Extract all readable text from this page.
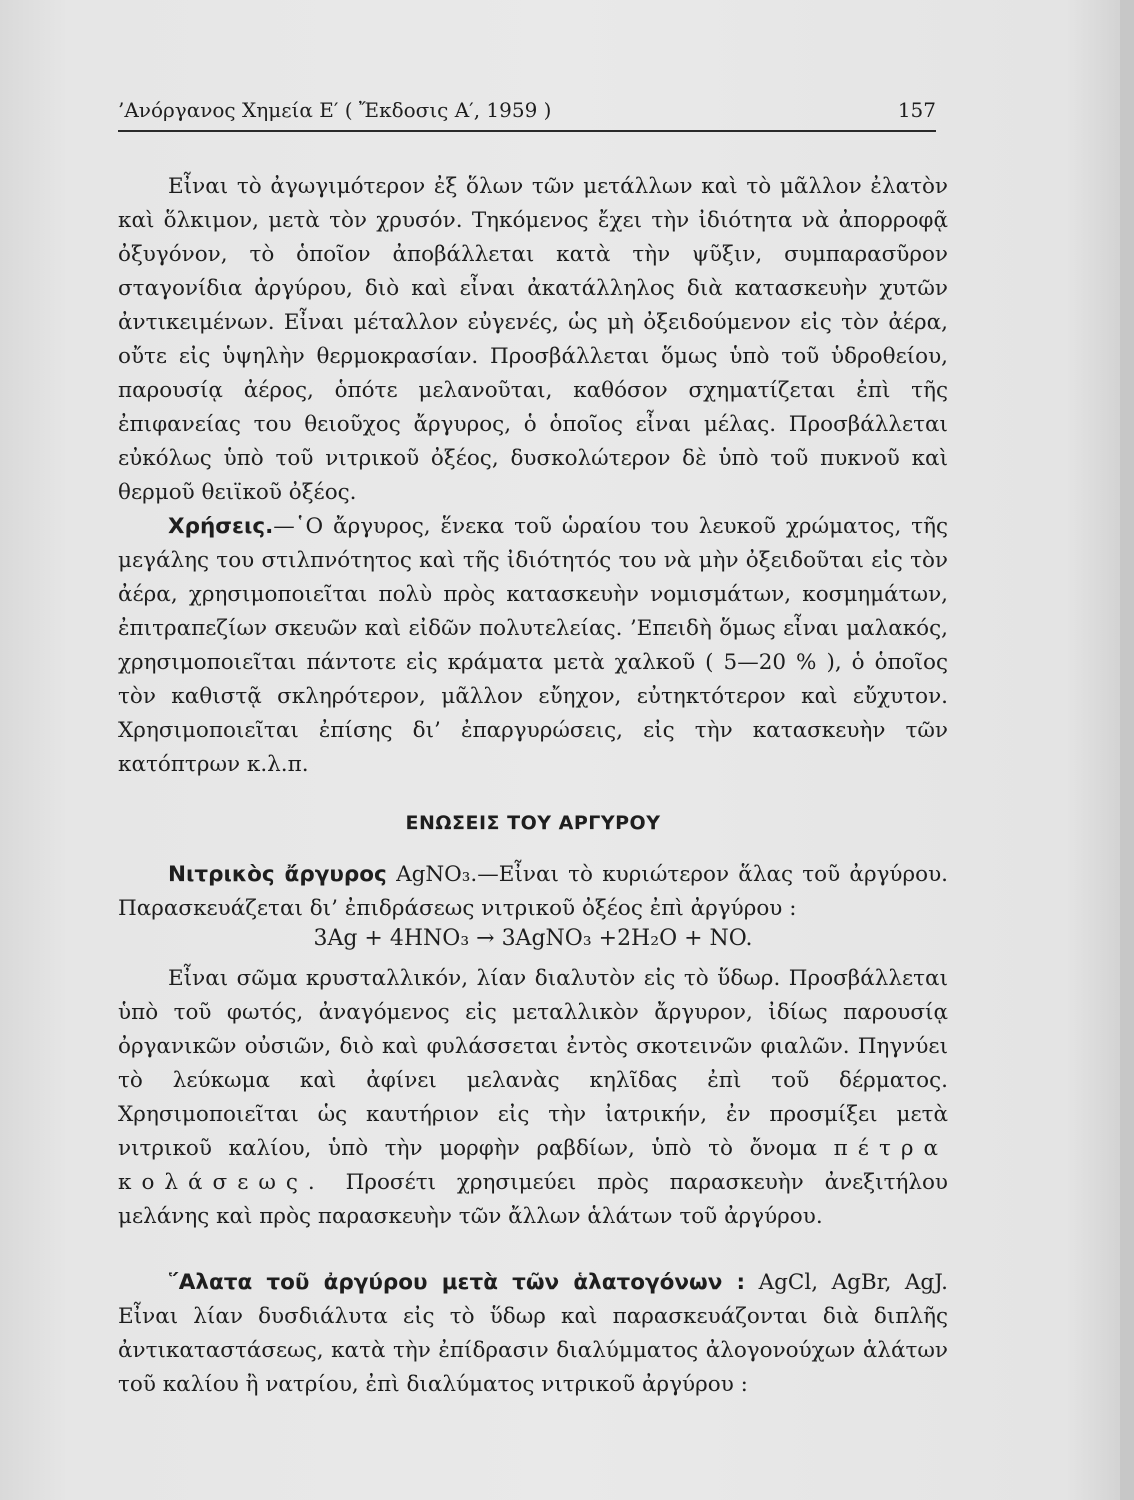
’Ανόργανος Χημεία Ε′ ( Ἔκδοσις Α′, 1959 )	157

Εἶναι τὸ ἀγωγιμότερον ἐξ ὅλων τῶν μετάλλων καὶ τὸ μᾶλλον ἐλατὸν καὶ ὅλκιμον, μετὰ τὸν χρυσόν. Τηκόμενος ἔχει τὴν ἰδιότητα νὰ ἀπορροφᾷ ὀξυγόνον, τὸ ὁποῖον ἀποβάλλεται κατὰ τὴν ψῦξιν, συμπαρασῦρον σταγονίδια ἀργύρου, διὸ καὶ εἶναι ἀκατάλληλος διὰ κατασκευὴν χυτῶν ἀντικειμένων. Εἶναι μέταλλον εὐγενές, ὡς μὴ ὀξειδούμενον εἰς τὸν ἀέρα, οὔτε εἰς ὑψηλὴν θερμοκρασίαν. Προσβάλλεται ὅμως ὑπὸ τοῦ ὑδροθείου, παρουσίᾳ ἀέρος, ὁπότε μελανοῦται, καθόσον σχηματίζεται ἐπὶ τῆς ἐπιφανείας του θειοῦχος ἄργυρος, ὁ ὁποῖος εἶναι μέλας. Προσβάλλεται εὐκόλως ὑπὸ τοῦ νιτρικοῦ ὀξέος, δυσκολώτερον δὲ ὑπὸ τοῦ πυκνοῦ καὶ θερμοῦ θειϊκοῦ ὀξέος.

Χρήσεις.—῾Ο ἄργυρος, ἕνεκα τοῦ ὡραίου του λευκοῦ χρώματος, τῆς μεγάλης του στιλπνότητος καὶ τῆς ἰδιότητός του νὰ μὴν ὀξειδοῦται εἰς τὸν ἀέρα, χρησιμοποιεῖται πολὺ πρὸς κατασκευὴν νομισμάτων, κοσμημάτων, ἐπιτραπεζίων σκευῶν καὶ εἰδῶν πολυτελείας. ’Επειδὴ ὅμως εἶναι μαλακός, χρησιμοποιεῖται πάντοτε εἰς κράματα μετὰ χαλκοῦ ( 5—20 % ), ὁ ὁποῖος τὸν καθιστᾷ σκληρότερον, μᾶλλον εὔηχον, εὐτηκτότερον καὶ εὔχυτον. Χρησιμοποιεῖται ἐπίσης δι’ ἐπαργυρώσεις, εἰς τὴν κατασκευὴν τῶν κατόπτρων κ.λ.π.

ΕΝΩΣΕΙΣ ΤΟΥ ΑΡΓΥΡΟΥ

Νιτρικὸς ἄργυρος AgNO₃.—Εἶναι τὸ κυριώτερον ἅλας τοῦ ἀργύρου. Παρασκευάζεται δι’ ἐπιδράσεως νιτρικοῦ ὀξέος ἐπὶ ἀργύρου :

3Ag + 4HNO₃ → 3AgNO₃ +2H₂O + NO.

Εἶναι σῶμα κρυσταλλικόν, λίαν διαλυτὸν εἰς τὸ ὕδωρ. Προσβάλλεται ὑπὸ τοῦ φωτός, ἀναγόμενος εἰς μεταλλικὸν ἄργυρον, ἰδίως παρουσίᾳ ὀργανικῶν οὐσιῶν, διὸ καὶ φυλάσσεται ἐντὸς σκοτεινῶν φιαλῶν. Πηγνύει τὸ λεύκωμα καὶ ἀφίνει μελανὰς κηλῖδας ἐπὶ τοῦ δέρματος. Χρησιμοποιεῖται ὡς καυτήριον εἰς τὴν ἰατρικήν, ἐν προσμίξει μετὰ νιτρικοῦ καλίου, ὑπὸ τὴν μορφὴν ραβδίων, ὑπὸ τὸ ὄνομα πέτρα κολάσεως. Προσέτι χρησιμεύει πρὸς παρασκευὴν ἀνεξιτήλου μελάνης καὶ πρὸς παρασκευὴν τῶν ἄλλων ἁλάτων τοῦ ἀργύρου.

῞Αλατα τοῦ ἀργύρου μετὰ τῶν ἁλατογόνων : AgCl, AgBr, AgJ. Εἶναι λίαν δυσδιάλυτα εἰς τὸ ὕδωρ καὶ παρασκευάζονται διὰ διπλῆς ἀντικαταστάσεως, κατὰ τὴν ἐπίδρασιν διαλύμματος ἀλογονούχων ἁλάτων τοῦ καλίου ἢ νατρίου, ἐπὶ διαλύματος νιτρικοῦ ἀργύρου :
